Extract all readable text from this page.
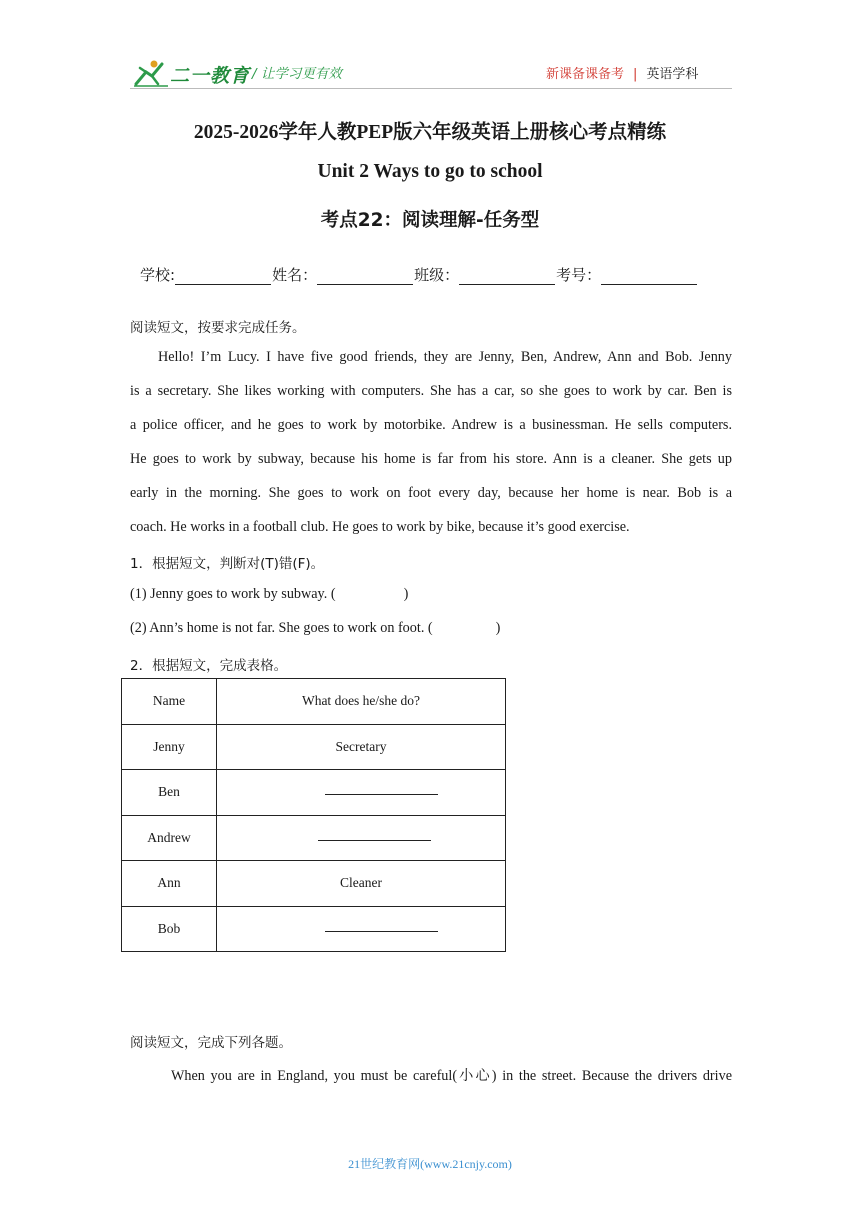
二一教育 / 让学习更有效	新课备课备考 | 英语学科
2025-2026学年人教PEP版六年级英语上册核心考点精练
Unit 2 Ways to go to school
考点22：阅读理解-任务型
学校:	姓名：	班级：	考号：
阅读短文，按要求完成任务。
Hello! I’m Lucy. I have five good friends, they are Jenny, Ben, Andrew, Ann and Bob. Jenny
is a secretary. She likes working with computers. She has a car, so she goes to work by car. Ben is
a police officer, and he goes to work by motorbike. Andrew is a businessman. He sells computers.
He goes to work by subway, because his home is far from his store. Ann is a cleaner. She gets up
early in the morning. She goes to work on foot every day, because her home is near. Bob is a
coach. He works in a football club. He goes to work by bike, because it’s good exercise.
1．根据短文，判断对(T)错(F)。
(1) Jenny goes to work by subway. (	)
(2) Ann’s home is not far. She goes to work on foot. (	)
2．根据短文，完成表格。
Name	What does he/she do?
Jenny	Secretary
Ben	
Andrew	
Ann	Cleaner
Bob	
阅读短文，完成下列各题。
When you are in England, you must be careful(小心) in the street. Because the drivers drive
21世纪教育网(www.21cnjy.com)
